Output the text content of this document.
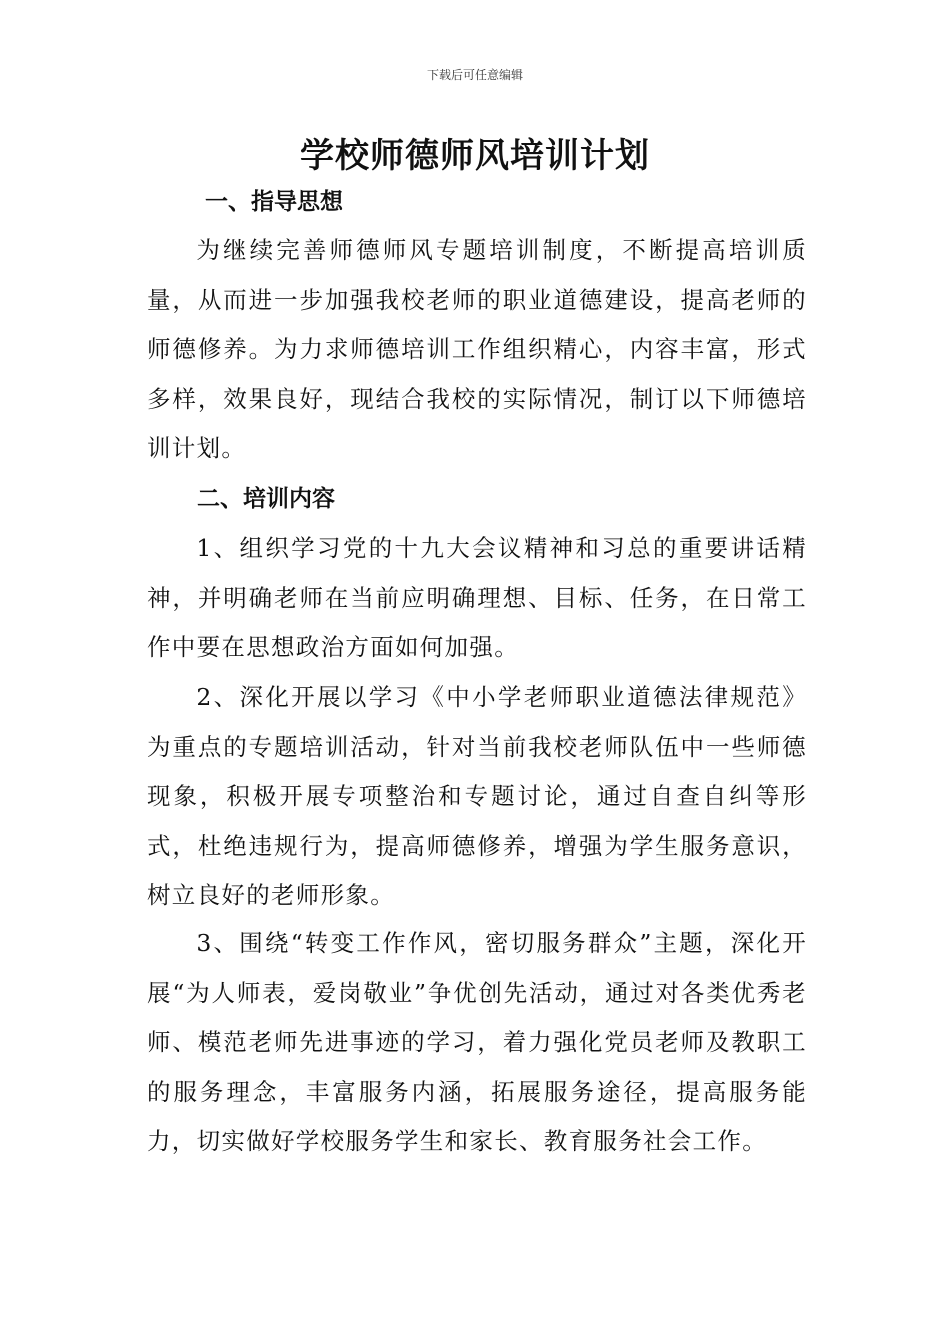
下载后可任意编辑
学校师德师风培训计划
一、指导思想

为继续完善师德师风专题培训制度，不断提高培训质量，从而进一步加强我校老师的职业道德建设，提高老师的师德修养。为力求师德培训工作组织精心，内容丰富，形式多样，效果良好，现结合我校的实际情况，制订以下师德培训计划。

二、培训内容

1、组织学习党的十九大会议精神和习总的重要讲话精神，并明确老师在当前应明确理想、目标、任务，在日常工作中要在思想政治方面如何加强。

2、深化开展以学习《中小学老师职业道德法律规范》为重点的专题培训活动，针对当前我校老师队伍中一些师德现象，积极开展专项整治和专题讨论，通过自查自纠等形式，杜绝违规行为，提高师德修养，增强为学生服务意识，树立良好的老师形象。

3、围绕“转变工作作风，密切服务群众”主题，深化开展“为人师表，爱岗敬业”争优创先活动，通过对各类优秀老师、模范老师先进事迹的学习，着力强化党员老师及教职工的服务理念，丰富服务内涵，拓展服务途径，提高服务能力，切实做好学校服务学生和家长、教育服务社会工作。
